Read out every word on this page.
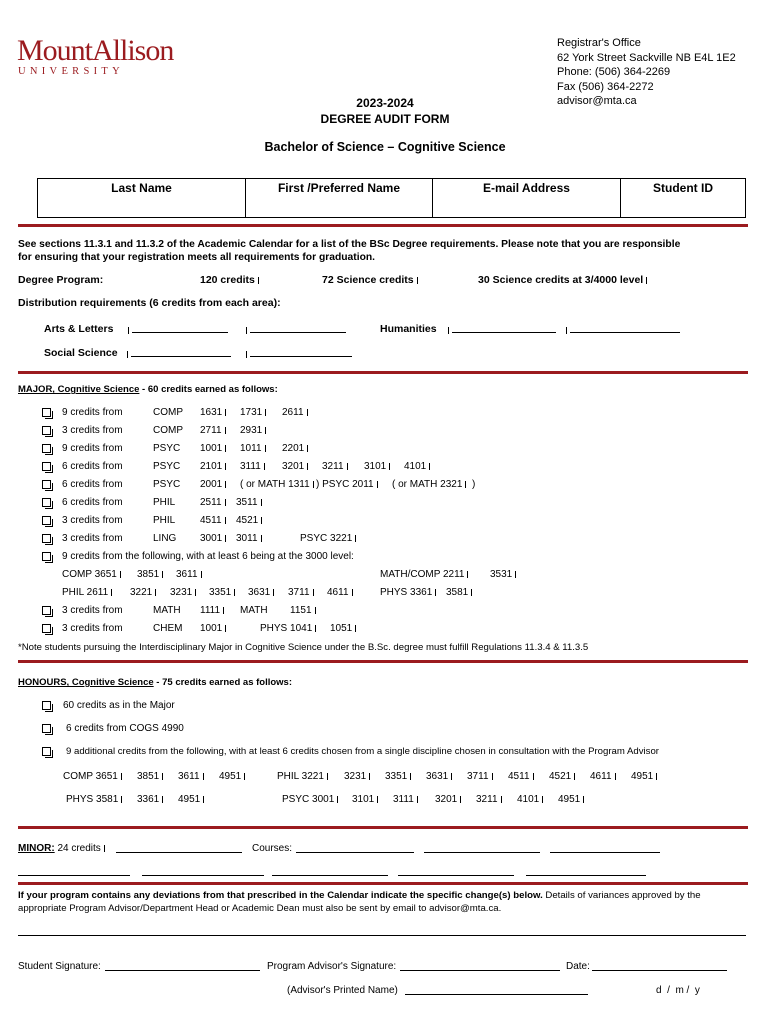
MountAllison
UNIVERSITY
Registrar's Office
62 York Street Sackville NB E4L 1E2
Phone: (506) 364-2269
Fax (506) 364-2272
advisor@mta.ca
2023-2024
DEGREE AUDIT FORM
Bachelor of Science – Cognitive Science
Last Name	First /Preferred Name	E-mail Address	Student ID
See sections 11.3.1 and 11.3.2 of the Academic Calendar for a list of the BSc Degree requirements. Please note that you are responsible
for ensuring that your registration meets all requirements for graduation.
Degree Program:	120 credits	72 Science credits	30 Science credits at 3/4000 level
Distribution requirements (6 credits from each area):
Arts & Letters	Humanities
Social Science
MAJOR, Cognitive Science - 60 credits earned as follows:
9 credits from	COMP 1631	1731	2611
3 credits from	COMP 2711	2931
9 credits from	PSYC 1001	1011	2201
6 credits from	PSYC 2101	3111	3201	3211	3101	4101
6 credits from	PSYC 2001	( or MATH 1311 ) PSYC 2011	( or MATH 2321 )
6 credits from	PHIL 2511	3511
3 credits from	PHIL 4511	4521
3 credits from	LING 3001	3011	PSYC 3221
9 credits from the following, with at least 6 being at the 3000 level:
COMP 3651	3851	3611	MATH/COMP 2211	3531
PHIL 2611	3221	3231	3351	3631	3711	4611	PHYS 3361	3581
3 credits from	MATH 1111	MATH 1151
3 credits from	CHEM 1001	PHYS 1041	1051
*Note students pursuing the Interdisciplinary Major in Cognitive Science under the B.Sc. degree must fulfill Regulations 11.3.4 & 11.3.5
HONOURS, Cognitive Science - 75 credits earned as follows:
60 credits as in the Major
6 credits from COGS 4990
9 additional credits from the following, with at least 6 credits chosen from a single discipline chosen in consultation with the Program Advisor
COMP 3651	3851	3611	4951	PHIL 3221	3231	3351	3631	3711	4511	4521	4611	4951
PHYS 3581	3361	4951	PSYC 3001	3101	3111	3201	3211	4101	4951
MINOR: 24 credits	Courses:
If your program contains any deviations from that prescribed in the Calendar indicate the specific change(s) below. Details of variances approved by the
appropriate Program Advisor/Department Head or Academic Dean must also be sent by email to advisor@mta.ca.
Student Signature:	Program Advisor's Signature:	Date:
(Advisor's Printed Name)	d  /  m /  y
